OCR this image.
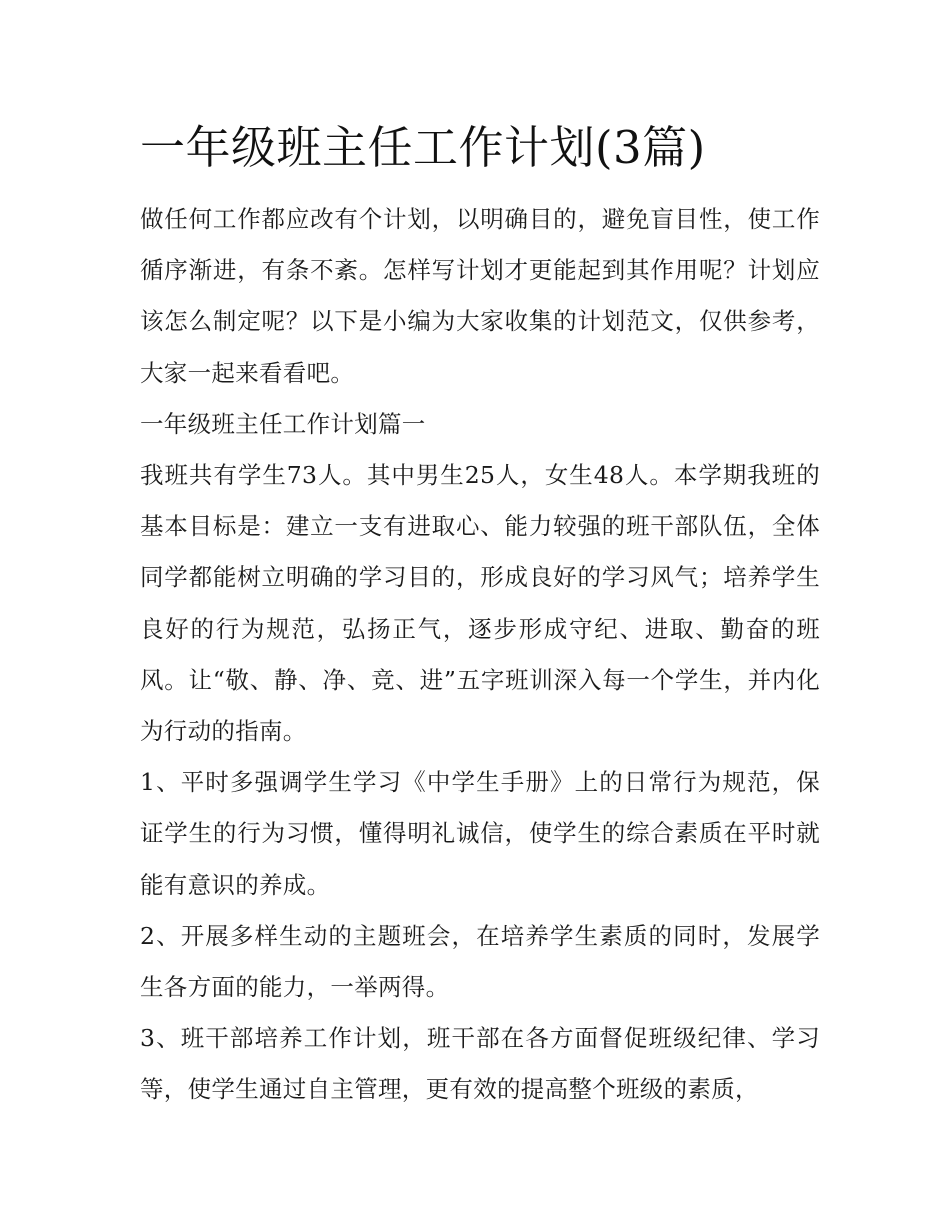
一年级班主任工作计划(3篇)

做任何工作都应改有个计划，以明确目的，避免盲目性，使工作循序渐进，有条不紊。怎样写计划才更能起到其作用呢？计划应该怎么制定呢？以下是小编为大家收集的计划范文，仅供参考，大家一起来看看吧。

一年级班主任工作计划篇一

我班共有学生73人。其中男生25人，女生48人。本学期我班的基本目标是：建立一支有进取心、能力较强的班干部队伍，全体同学都能树立明确的学习目的，形成良好的学习风气；培养学生良好的行为规范，弘扬正气，逐步形成守纪、进取、勤奋的班风。让“敬、静、净、竞、进”五字班训深入每一个学生，并内化为行动的指南。

1、平时多强调学生学习《中学生手册》上的日常行为规范，保证学生的行为习惯，懂得明礼诚信，使学生的综合素质在平时就能有意识的养成。

2、开展多样生动的主题班会，在培养学生素质的同时，发展学生各方面的能力，一举两得。

3、班干部培养工作计划，班干部在各方面督促班级纪律、学习等，使学生通过自主管理，更有效的提高整个班级的素质，
